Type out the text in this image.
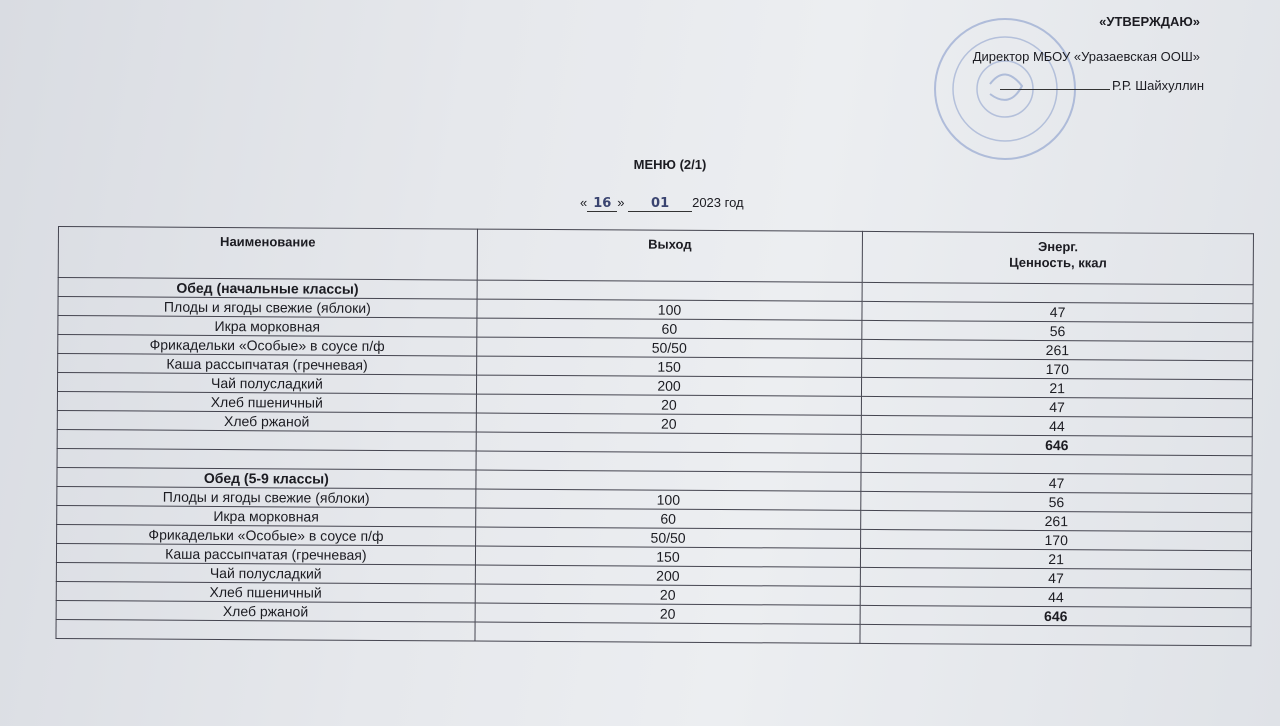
«УТВЕРЖДАЮ»
Директор МБОУ «Уразаевская ООШ»
Р.Р. Шайхуллин
МЕНЮ (2/1)
« 16 » 01 2023 год
Наименование	Выход	Энерг.
Ценность, ккал
Обед (начальные классы)		
Плоды и ягоды свежие (яблоки)	100	47
Икра морковная	60	56
Фрикадельки «Особые» в соусе п/ф	50/50	261
Каша рассыпчатая (гречневая)	150	170
Чай полусладкий	200	21
Хлеб пшеничный	20	47
Хлеб ржаной	20	44
		646

Обед (5-9 классы)		47
Плоды и ягоды свежие (яблоки)	100	56
Икра морковная	60	261
Фрикадельки «Особые» в соусе п/ф	50/50	170
Каша рассыпчатая (гречневая)	150	21
Чай полусладкий	200	47
Хлеб пшеничный	20	44
Хлеб ржаной	20	646
